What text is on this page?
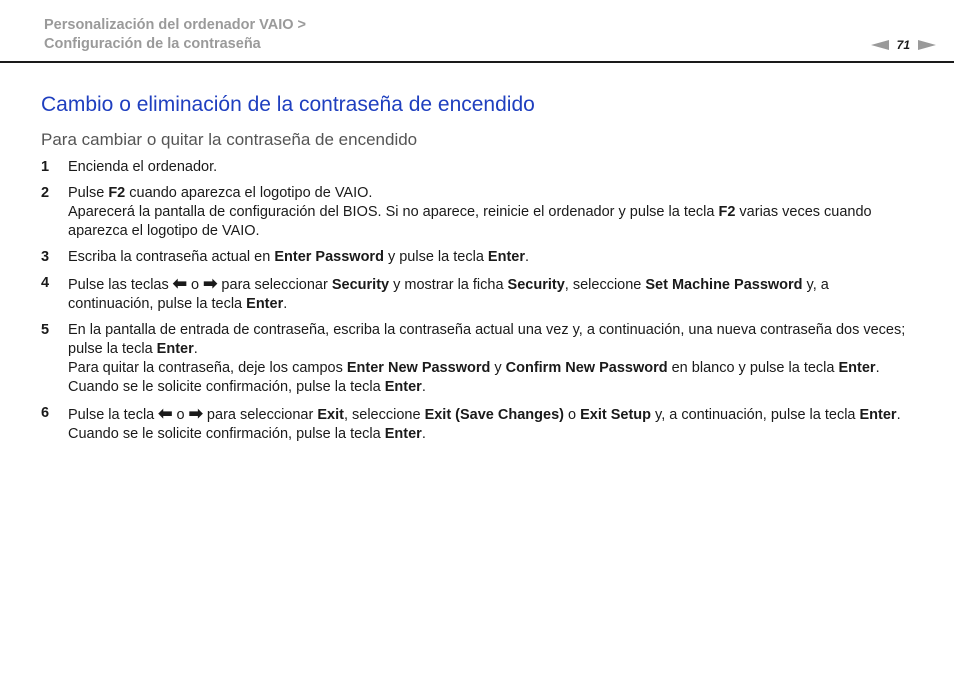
Personalización del ordenador VAIO >
Configuración de la contraseña	71
Cambio o eliminación de la contraseña de encendido
Para cambiar o quitar la contraseña de encendido
1	Encienda el ordenador.
2	Pulse F2 cuando aparezca el logotipo de VAIO.
Aparecerá la pantalla de configuración del BIOS. Si no aparece, reinicie el ordenador y pulse la tecla F2 varias veces cuando aparezca el logotipo de VAIO.
3	Escriba la contraseña actual en Enter Password y pulse la tecla Enter.
4	Pulse las teclas ⬅ o ➡ para seleccionar Security y mostrar la ficha Security, seleccione Set Machine Password y, a continuación, pulse la tecla Enter.
5	En la pantalla de entrada de contraseña, escriba la contraseña actual una vez y, a continuación, una nueva contraseña dos veces; pulse la tecla Enter.
Para quitar la contraseña, deje los campos Enter New Password y Confirm New Password en blanco y pulse la tecla Enter.
Cuando se le solicite confirmación, pulse la tecla Enter.
6	Pulse la tecla ⬅ o ➡ para seleccionar Exit, seleccione Exit (Save Changes) o Exit Setup y, a continuación, pulse la tecla Enter.
Cuando se le solicite confirmación, pulse la tecla Enter.
